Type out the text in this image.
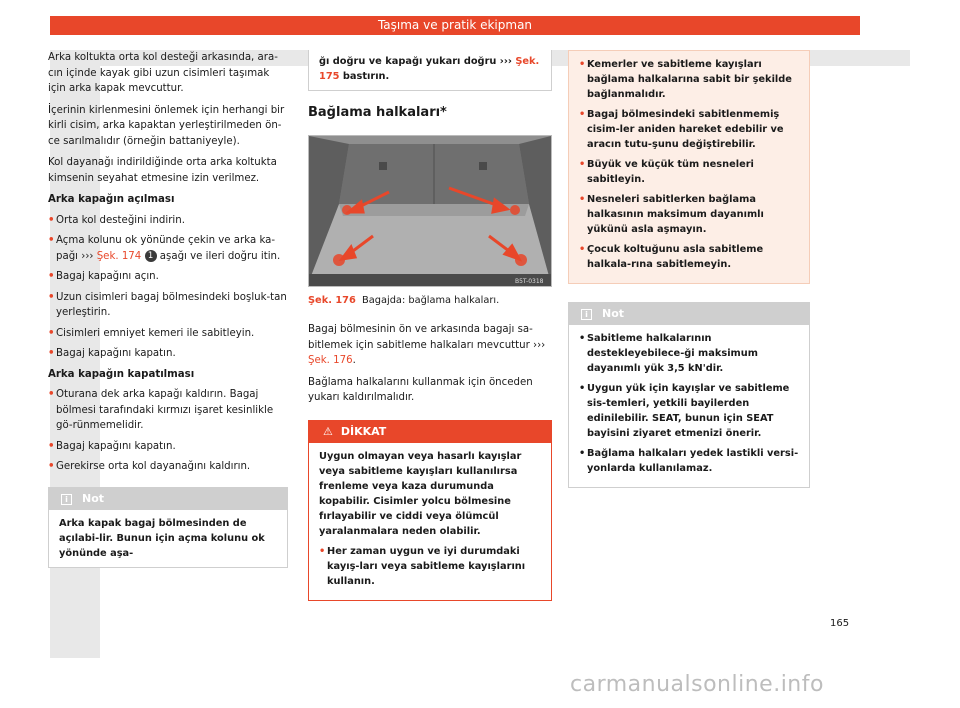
Taşıma ve pratik ekipman

Arka koltukta orta kol desteği arkasında, ara-cın içinde kayak gibi uzun cisimleri taşımak için arka kapak mevcuttur.

İçerinin kirlenmesini önlemek için herhangi bir kirli cisim, arka kapaktan yerleştirilmeden ön-ce sarılmalıdır (örneğin battaniyeyle).

Kol dayanağı indirildiğinde orta arka koltukta kimsenin seyahat etmesine izin verilmez.

Arka kapağın açılması
• Orta kol desteğini indirin.
• Açma kolunu ok yönünde çekin ve arka ka-pağı ››› Şek. 174 1 aşağı ve ileri doğru itin.
• Bagaj kapağını açın.
• Uzun cisimleri bagaj bölmesindeki boşluk-tan yerleştirin.
• Cisimleri emniyet kemeri ile sabitleyin.
• Bagaj kapağını kapatın.
Arka kapağın kapatılması
• Oturana dek arka kapağı kaldırın. Bagaj bölmesi tarafındaki kırmızı işaret kesinlikle gö-rünmemelidir.
• Bagaj kapağını kapatın.
• Gerekirse orta kol dayanağını kaldırın.
i Not
Arka kapak bagaj bölmesinden de açılabi-lir. Bunun için açma kolunu ok yönünde aşa-
ğı doğru ve kapağı yukarı doğru ››› Şek. 175 bastırın.
Bağlama halkaları*
B5T-0318
Şek. 176 Bagajda: bağlama halkaları.

Bagaj bölmesinin ön ve arkasında bagajı sa-bitlemek için sabitleme halkaları mevcuttur ››› Şek. 176.

Bağlama halkalarını kullanmak için önceden yukarı kaldırılmalıdır.

⚠ DİKKAT
Uygun olmayan veya hasarlı kayışlar veya sabitleme kayışları kullanılırsa frenleme veya kaza durumunda kopabilir. Cisimler yolcu bölmesine fırlayabilir ve ciddi veya ölümcül yaralanmalara neden olabilir.
• Her zaman uygun ve iyi durumdaki kayış-ları veya sabitleme kayışlarını kullanın.
• Kemerler ve sabitleme kayışları bağlama halkalarına sabit bir şekilde bağlanmalıdır.
• Bagaj bölmesindeki sabitlenmemiş cisim-ler aniden hareket edebilir ve aracın tutu-şunu değiştirebilir.
• Büyük ve küçük tüm nesneleri sabitleyin.
• Nesneleri sabitlerken bağlama halkasının maksimum dayanımlı yükünü asla aşmayın.
• Çocuk koltuğunu asla sabitleme halkala-rına sabitlemeyin.
i Not
• Sabitleme halkalarının destekleyebilece-ği maksimum dayanımlı yük 3,5 kN'dir.
• Uygun yük için kayışlar ve sabitleme sis-temleri, yetkili bayilerden edinilebilir. SEAT, bunun için SEAT bayisini ziyaret etmenizi önerir.
• Bağlama halkaları yedek lastikli versi-yonlarda kullanılamaz.
165
carmanualsonline.info
